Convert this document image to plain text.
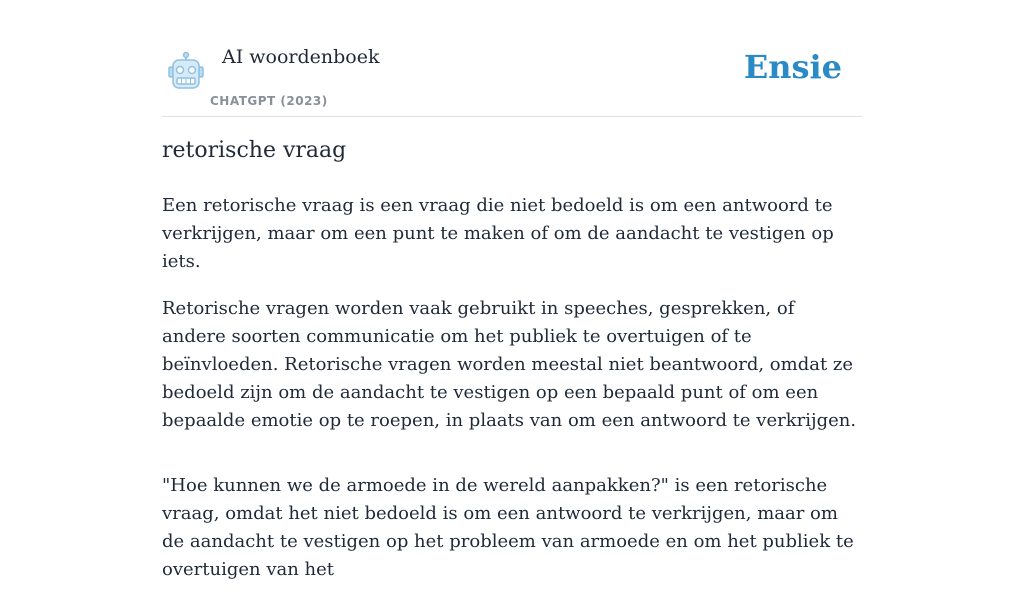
AI woordenboek
CHATGPT (2023)
Ensie
retorische vraag

Een retorische vraag is een vraag die niet bedoeld is om een antwoord te verkrijgen, maar om een punt te maken of om de aandacht te vestigen op iets.

Retorische vragen worden vaak gebruikt in speeches, gesprekken, of andere soorten communicatie om het publiek te overtuigen of te beïnvloeden. Retorische vragen worden meestal niet beantwoord, omdat ze bedoeld zijn om de aandacht te vestigen op een bepaald punt of om een bepaalde emotie op te roepen, in plaats van om een antwoord te verkrijgen.

"Hoe kunnen we de armoede in de wereld aanpakken?" is een retorische vraag, omdat het niet bedoeld is om een antwoord te verkrijgen, maar om de aandacht te vestigen op het probleem van armoede en om het publiek te overtuigen van het
